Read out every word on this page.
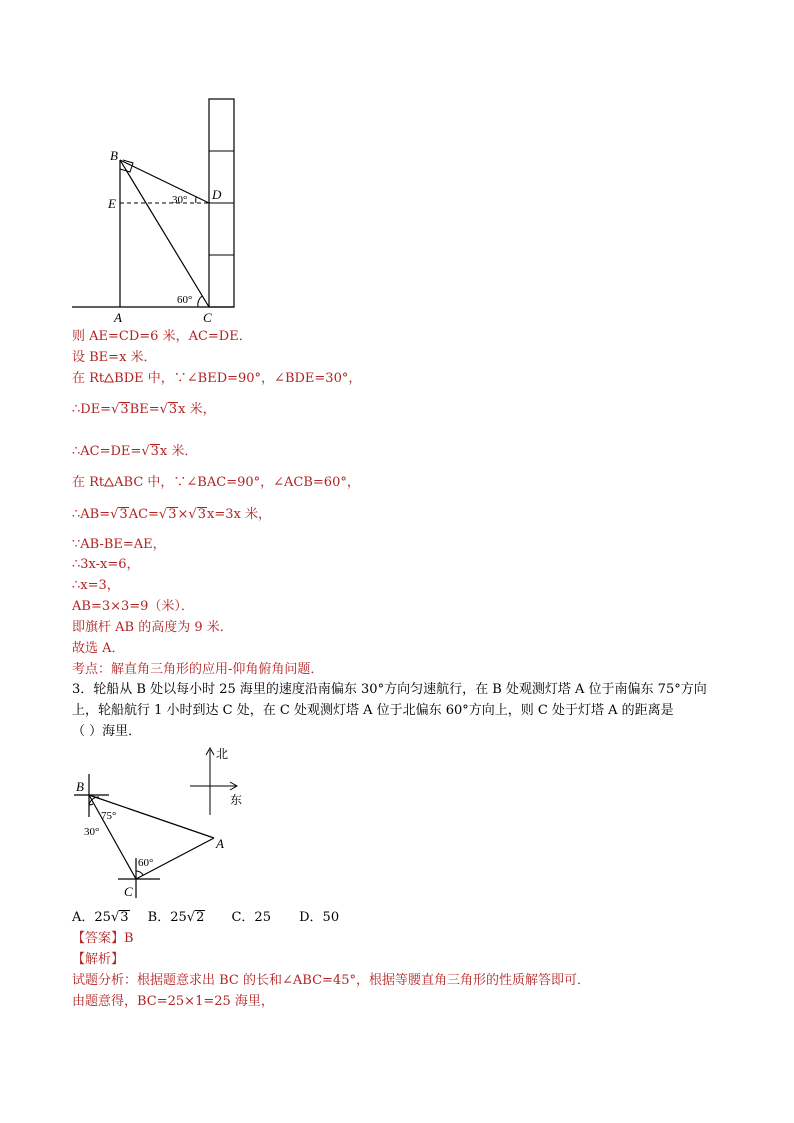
B
E
D
A	C
30°
60°
则 AE=CD=6 米，AC=DE．
设 BE=x 米．
在 Rt BDE 中，∵∠BED=90°，∠BDE=30°，
∴DE=√3BE=√3x 米，
∴AC=DE=√3x 米．
在 Rt ABC 中，∵∠BAC=90°，∠ACB=60°，
∴AB=√3AC=√3×√3x=3x 米，
∵AB-BE=AE，
∴3x-x=6，
∴x=3，
AB=3×3=9（米）．
即旗杆 AB 的高度为 9 米．
故选 A．
考点：解直角三角形的应用-仰角俯角问题．
3．轮船从 B 处以每小时 25 海里的速度沿南偏东 30°方向匀速航行，在 B 处观测灯塔 A 位于南偏东 75°方向
上，轮船航行 1 小时到达 C 处，在 C 处观测灯塔 A 位于北偏东 60°方向上，则 C 处于灯塔 A 的距离是
（ ）海里．
B
A
C
75°
30°
60°
北
东
A．25√3 B．25√2 C．25 D．50
【答案】B
【解析】
试题分析：根据题意求出 BC 的长和∠ABC=45°，根据等腰直角三角形的性质解答即可．
由题意得，BC=25×1=25 海里，
